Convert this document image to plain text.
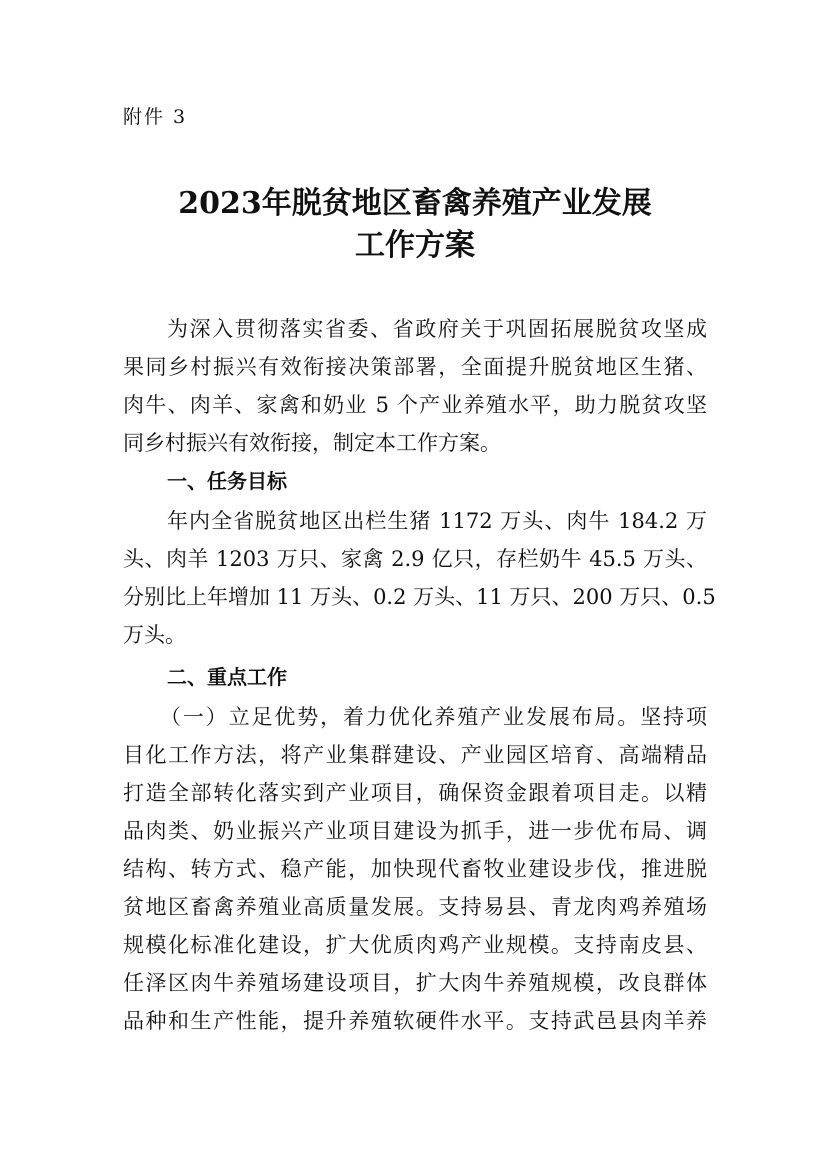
附件 3
2023年脱贫地区畜禽养殖产业发展
工作方案
为深入贯彻落实省委、省政府关于巩固拓展脱贫攻坚成
果同乡村振兴有效衔接决策部署，全面提升脱贫地区生猪、
肉牛、肉羊、家禽和奶业 5 个产业养殖水平，助力脱贫攻坚
同乡村振兴有效衔接，制定本工作方案。
一、任务目标
年内全省脱贫地区出栏生猪 1172 万头、肉牛 184.2 万
头、肉羊 1203 万只、家禽 2.9 亿只，存栏奶牛 45.5 万头、
分别比上年增加 11 万头、0.2 万头、11 万只、200 万只、0.5
万头。
二、重点工作
（一）立足优势，着力优化养殖产业发展布局。坚持项
目化工作方法，将产业集群建设、产业园区培育、高端精品
打造全部转化落实到产业项目，确保资金跟着项目走。以精
品肉类、奶业振兴产业项目建设为抓手，进一步优布局、调
结构、转方式、稳产能，加快现代畜牧业建设步伐，推进脱
贫地区畜禽养殖业高质量发展。支持易县、青龙肉鸡养殖场
规模化标准化建设，扩大优质肉鸡产业规模。支持南皮县、
任泽区肉牛养殖场建设项目，扩大肉牛养殖规模，改良群体
品种和生产性能，提升养殖软硬件水平。支持武邑县肉羊养
